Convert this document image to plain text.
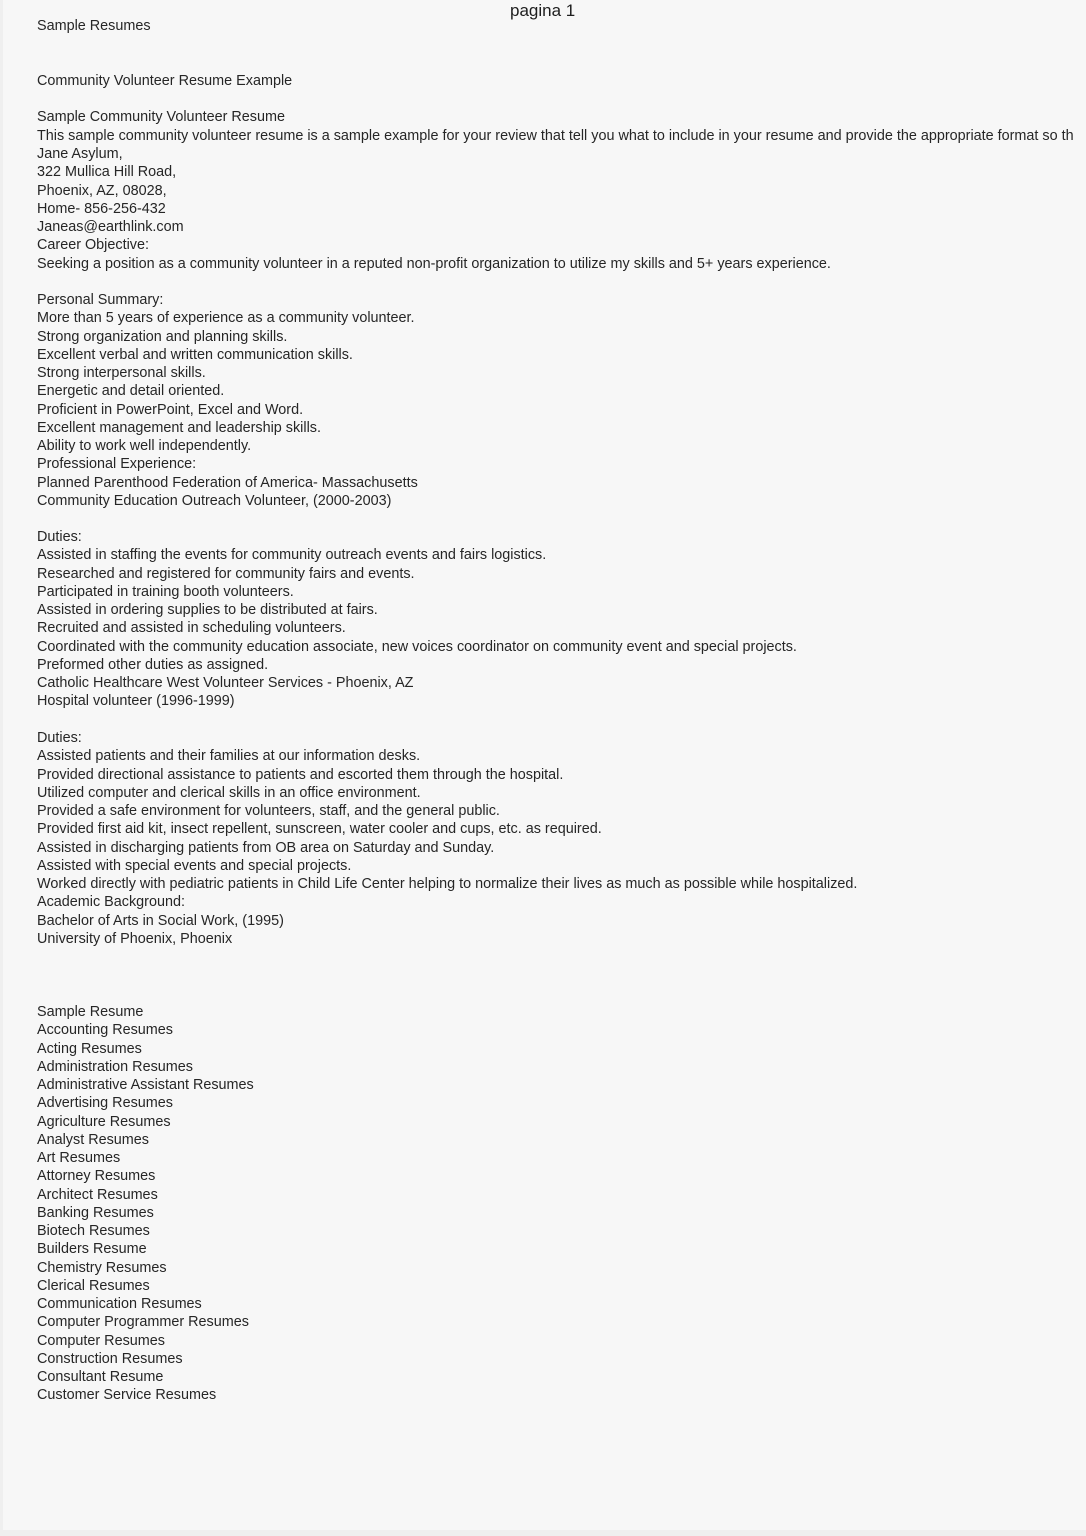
pagina 1
Sample Resumes
Community Volunteer Resume Example
Sample Community Volunteer Resume
This sample community volunteer resume is a sample example for your review that tell you what to include in your resume and provide the appropriate format so th
Jane Asylum,
322 Mullica Hill Road,
Phoenix, AZ, 08028,
Home- 856-256-432
Janeas@earthlink.com
Career Objective:
Seeking a position as a community volunteer in a reputed non-profit organization to utilize my skills and 5+ years experience.
Personal Summary:
More than 5 years of experience as a community volunteer.
Strong organization and planning skills.
Excellent verbal and written communication skills.
Strong interpersonal skills.
Energetic and detail oriented.
Proficient in PowerPoint, Excel and Word.
Excellent management and leadership skills.
Ability to work well independently.
Professional Experience:
Planned Parenthood Federation of America- Massachusetts
Community Education Outreach Volunteer, (2000-2003)
Duties:
Assisted in staffing the events for community outreach events and fairs logistics.
Researched and registered for community fairs and events.
Participated in training booth volunteers.
Assisted in ordering supplies to be distributed at fairs.
Recruited and assisted in scheduling volunteers.
Coordinated with the community education associate, new voices coordinator on community event and special projects.
Preformed other duties as assigned.
Catholic Healthcare West Volunteer Services - Phoenix, AZ
Hospital volunteer (1996-1999)
Duties:
Assisted patients and their families at our information desks.
Provided directional assistance to patients and escorted them through the hospital.
Utilized computer and clerical skills in an office environment.
Provided a safe environment for volunteers, staff, and the general public.
Provided first aid kit, insect repellent, sunscreen, water cooler and cups, etc. as required.
Assisted in discharging patients from OB area on Saturday and Sunday.
Assisted with special events and special projects.
Worked directly with pediatric patients in Child Life Center helping to normalize their lives as much as possible while hospitalized.
Academic Background:
Bachelor of Arts in Social Work, (1995)
University of Phoenix, Phoenix
Sample Resume
Accounting Resumes
Acting Resumes
Administration Resumes
Administrative Assistant Resumes
Advertising Resumes
Agriculture Resumes
Analyst Resumes
Art Resumes
Attorney Resumes
Architect Resumes
Banking Resumes
Biotech Resumes
Builders Resume
Chemistry Resumes
Clerical Resumes
Communication Resumes
Computer Programmer Resumes
Computer Resumes
Construction Resumes
Consultant Resume
Customer Service Resumes
